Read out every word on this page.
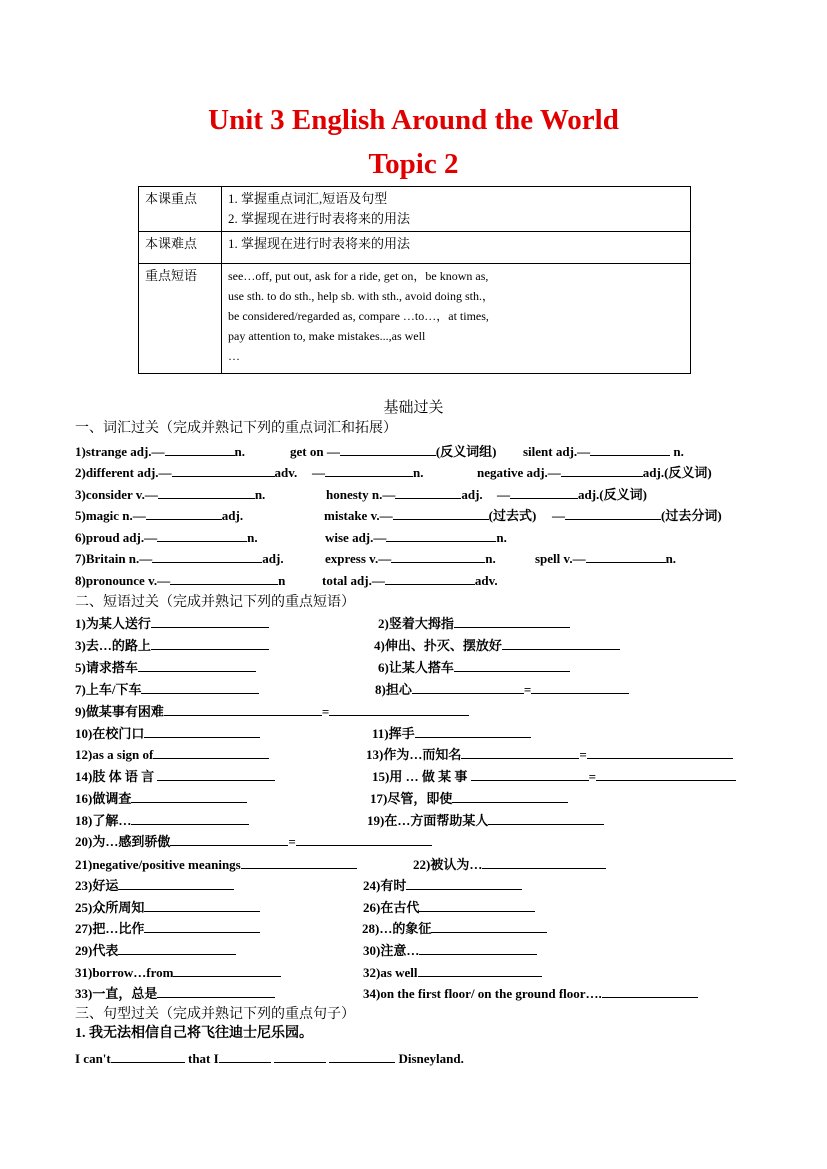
Unit 3 English Around the World
Topic 2
本课重点	1. 掌握重点词汇,短语及句型
2. 掌握现在进行时表将来的用法

本课难点	1. 掌握现在进行时表将来的用法

重点短语	see…off, put out, ask for a ride, get on，be known as,
use sth. to do sth., help sb. with sth., avoid doing sth.，
be considered/regarded as, compare …to…，at times,
pay attention to, make mistakes...,as well
…
基础过关
一、词汇过关（完成并熟记下列的重点词汇和拓展）
1)strange adj.—	n.	get on —	(反义词组) silent adj.—	n.
2)different adj.—	adv. —	n.	negative adj.—	adj.(反义词)
3)consider v.—	n.	honesty n.—	adj. —	adj.(反义词)
5)magic n.—	adj.	mistake v.—	(过去式) —	(过去分词)
6)proud adj.—	n.	wise adj.—	n.
7)Britain n.—	adj.	express v.—	n.	spell v.—	n.
8)pronounce v.—	n	total adj.—	adv.
二、短语过关（完成并熟记下列的重点短语）
1)为某人送行	2)竖着大拇指
3)去…的路上	4)伸出、扑灭、摆放好
5)请求搭车	6)让某人搭车
7)上车/下车	8)担心	=
9)做某事有困难	=
10)在校门口	11)挥手
12)as a sign of	13)作为…而知名	=
14)肢 体 语 言	15)用 … 做 某 事	=
16)做调查	17)尽管，即使
18)了解…	19)在…方面帮助某人
20)为…感到骄傲	=
21)negative/positive meanings	22)被认为…
23)好运	24)有时
25)众所周知	26)在古代
27)把…比作	28)…的象征
29)代表	30)注意…
31)borrow…from	32)as well
33)一直，总是	34)on the first floor/ on the ground floor….
三、句型过关（完成并熟记下列的重点句子）
1. 我无法相信自己将飞往迪士尼乐园。
I can't	that I	Disneyland.
